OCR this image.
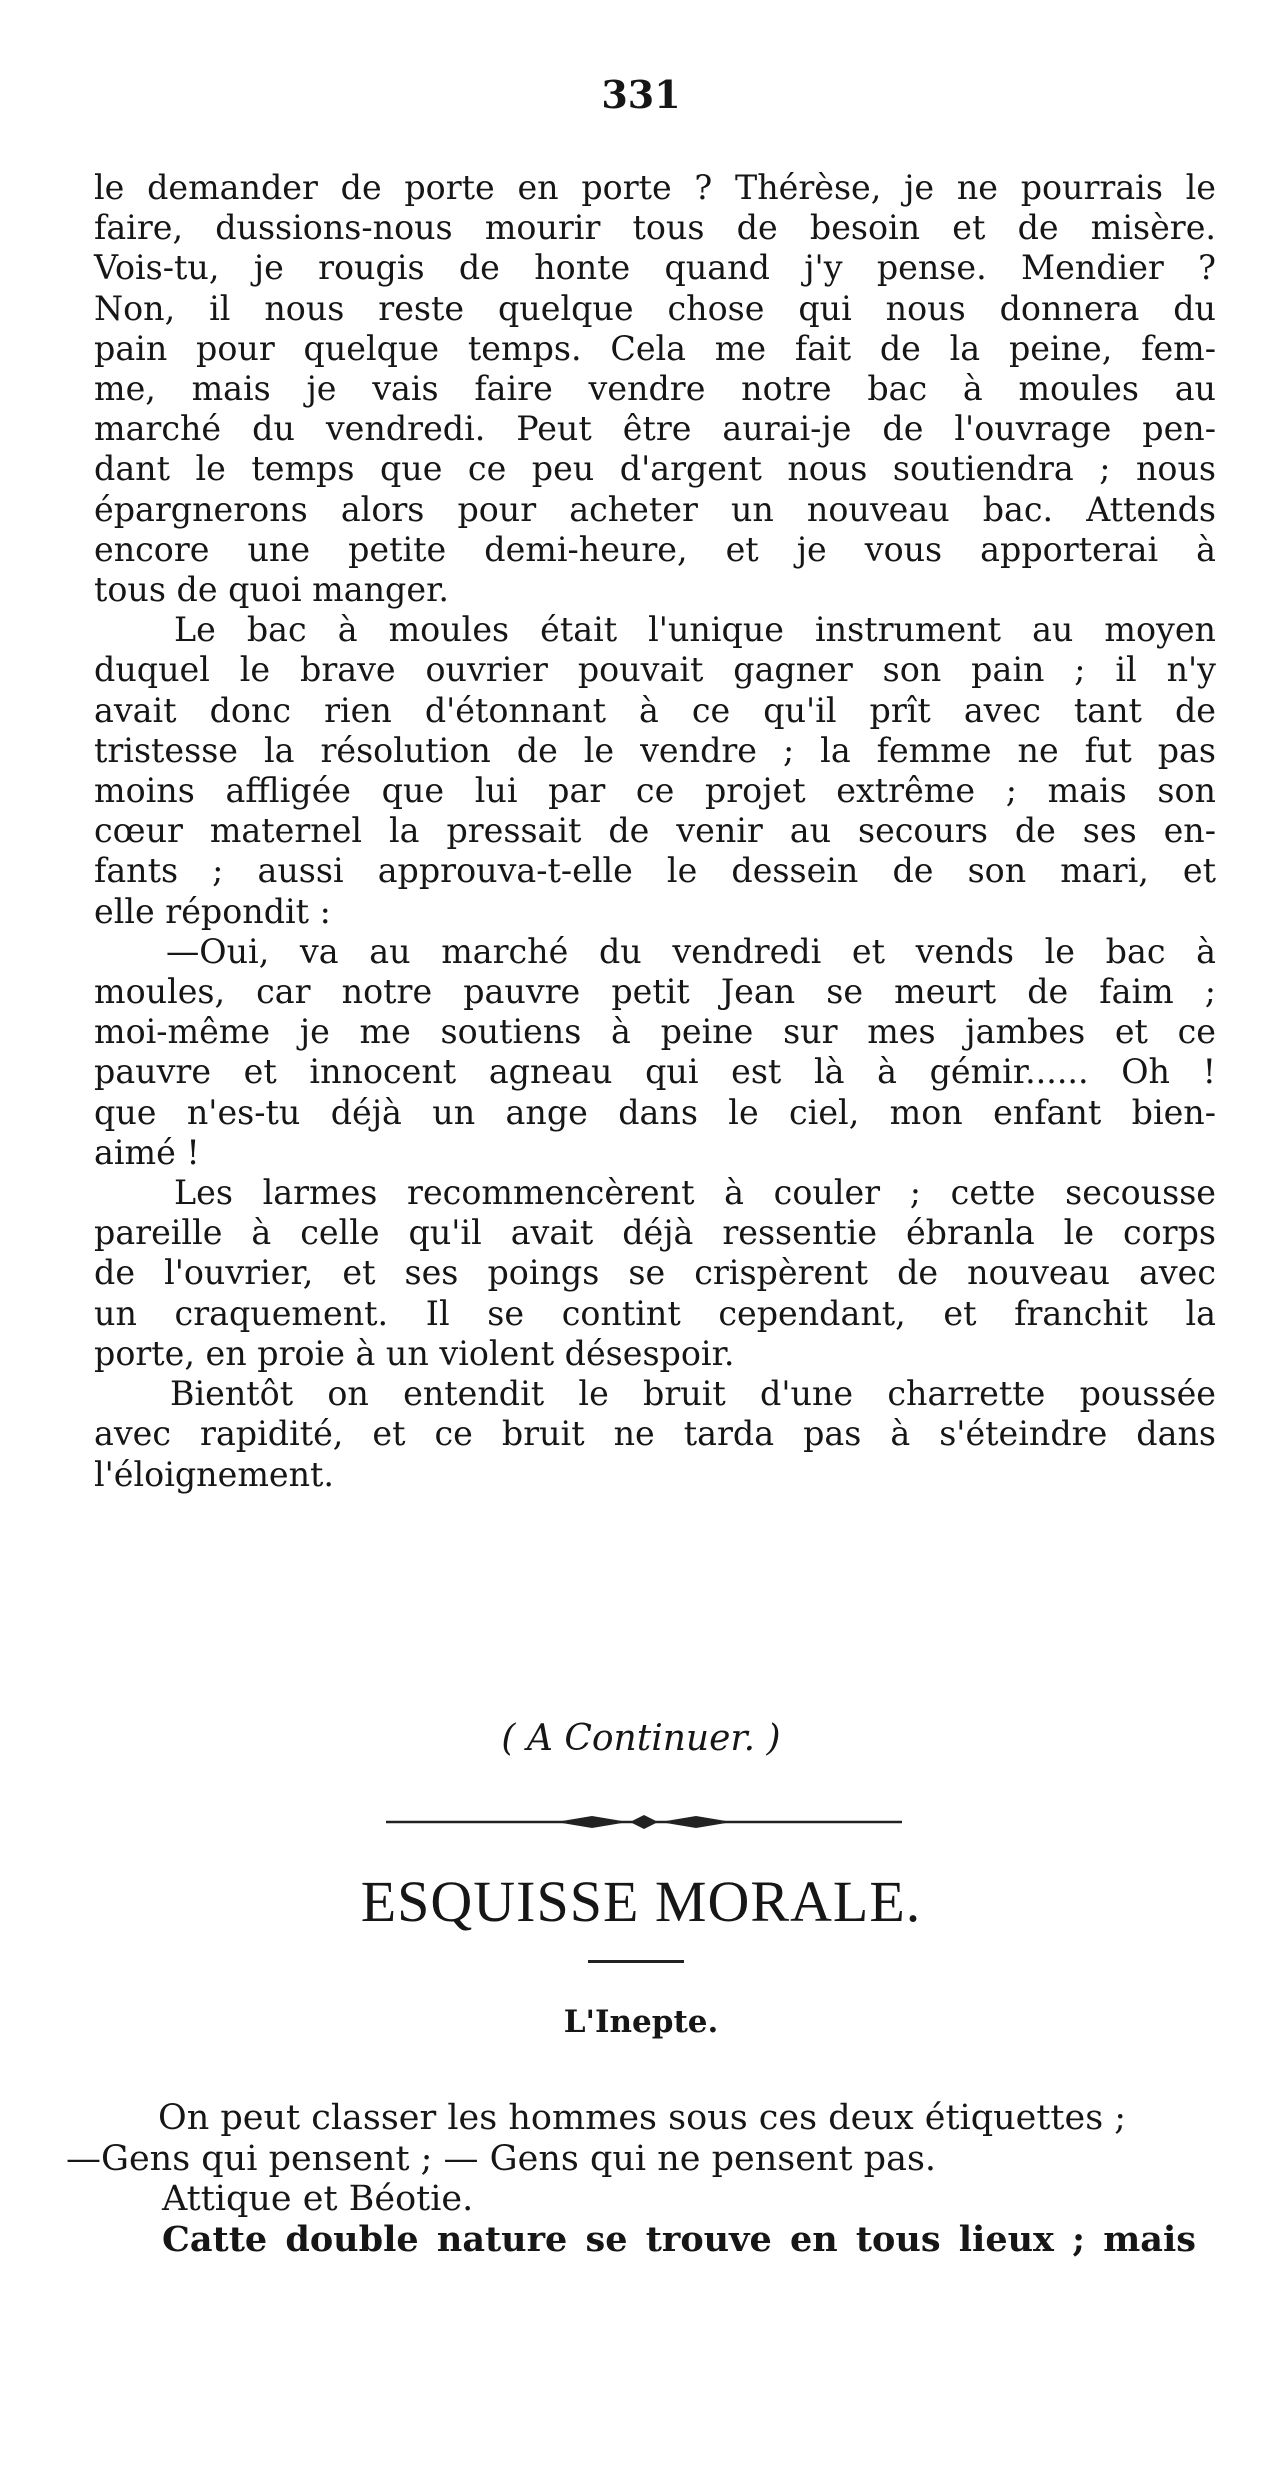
331
le demander de porte en porte ? Thérèse, je ne pourrais le
faire, dussions-nous mourir tous de besoin et de misère.
Vois-tu, je rougis de honte quand j'y pense. Mendier ?
Non, il nous reste quelque chose qui nous donnera du
pain pour quelque temps. Cela me fait de la peine, fem-
me, mais je vais faire vendre notre bac à moules au
marché du vendredi. Peut être aurai-je de l'ouvrage pen-
dant le temps que ce peu d'argent nous soutiendra ; nous
épargnerons alors pour acheter un nouveau bac. Attends
encore une petite demi-heure, et je vous apporterai à
tous de quoi manger.
Le bac à moules était l'unique instrument au moyen
duquel le brave ouvrier pouvait gagner son pain ; il n'y
avait donc rien d'étonnant à ce qu'il prît avec tant de
tristesse la résolution de le vendre ; la femme ne fut pas
moins affligée que lui par ce projet extrême ; mais son
cœur maternel la pressait de venir au secours de ses en-
fants ; aussi approuva-t-elle le dessein de son mari, et
elle répondit :
—Oui, va au marché du vendredi et vends le bac à
moules, car notre pauvre petit Jean se meurt de faim ;
moi-même je me soutiens à peine sur mes jambes et ce
pauvre et innocent agneau qui est là à gémir...... Oh !
que n'es-tu déjà un ange dans le ciel, mon enfant bien-
aimé !
Les larmes recommencèrent à couler ; cette secousse
pareille à celle qu'il avait déjà ressentie ébranla le corps
de l'ouvrier, et ses poings se crispèrent de nouveau avec
un craquement. Il se contint cependant, et franchit la
porte, en proie à un violent désespoir.
Bientôt on entendit le bruit d'une charrette poussée
avec rapidité, et ce bruit ne tarda pas à s'éteindre dans
l'éloignement.
( A Continuer. )
ESQUISSE MORALE.
L'Inepte.
On peut classer les hommes sous ces deux étiquettes ;
—Gens qui pensent ; — Gens qui ne pensent pas.
Attique et Béotie.
Catte double nature se trouve en tous lieux ; mais
